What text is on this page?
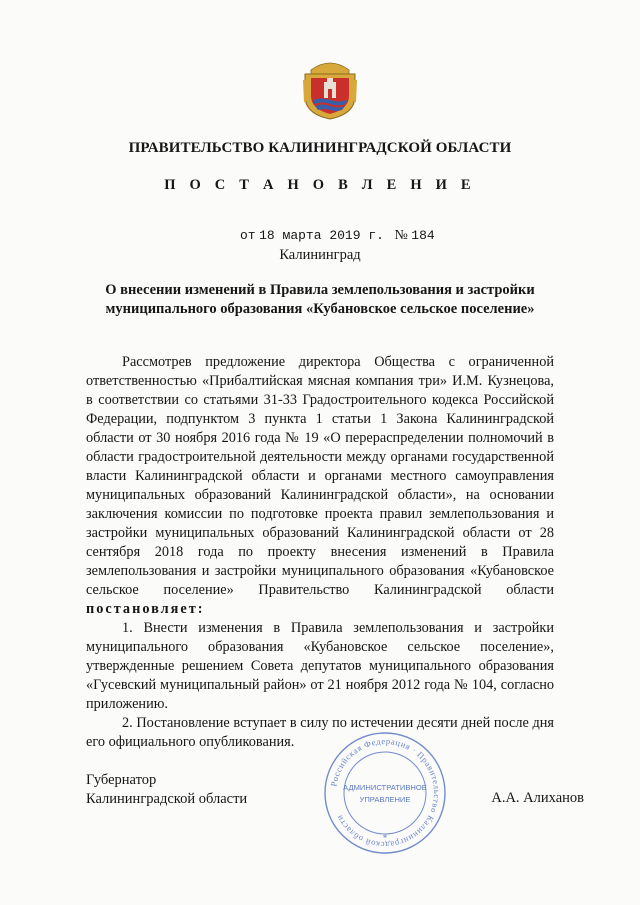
ПРАВИТЕЛЬСТВО КАЛИНИНГРАДСКОЙ ОБЛАСТИ
П О С Т А Н О В Л Е Н И Е
от 18 марта 2019 г. № 184
Калининград
О внесении изменений в Правила землепользования и застройки муниципального образования «Кубановское сельское поселение»

Рассмотрев предложение директора Общества с ограниченной ответственностью «Прибалтийская мясная компания три» И.М. Кузнецова, в соответствии со статьями 31-33 Градостроительного кодекса Российской Федерации, подпунктом 3 пункта 1 статьи 1 Закона Калининградской области от 30 ноября 2016 года № 19 «О перераспределении полномочий в области градостроительной деятельности между органами государственной власти Калининградской области и органами местного самоуправления муниципальных образований Калининградской области», на основании заключения комиссии по подготовке проекта правил землепользования и застройки муниципальных образований Калининградской области от 28 сентября 2018 года по проекту внесения изменений в Правила землепользования и застройки муниципального образования «Кубановское сельское поселение» Правительство Калининградской области постановляет:

1. Внести изменения в Правила землепользования и застройки муниципального образования «Кубановское сельское поселение», утвержденные решением Совета депутатов муниципального образования «Гусевский муниципальный район» от 21 ноября 2012 года № 104, согласно приложению.

2. Постановление вступает в силу по истечении десяти дней после дня его официального опубликования.

Губернатор
Калининградской области	А.А. Алиханов
Российская Федерация · Правительство Калининградской области
АДМИНИСТРАТИВНОЕ
УПРАВЛЕНИЕ
*
